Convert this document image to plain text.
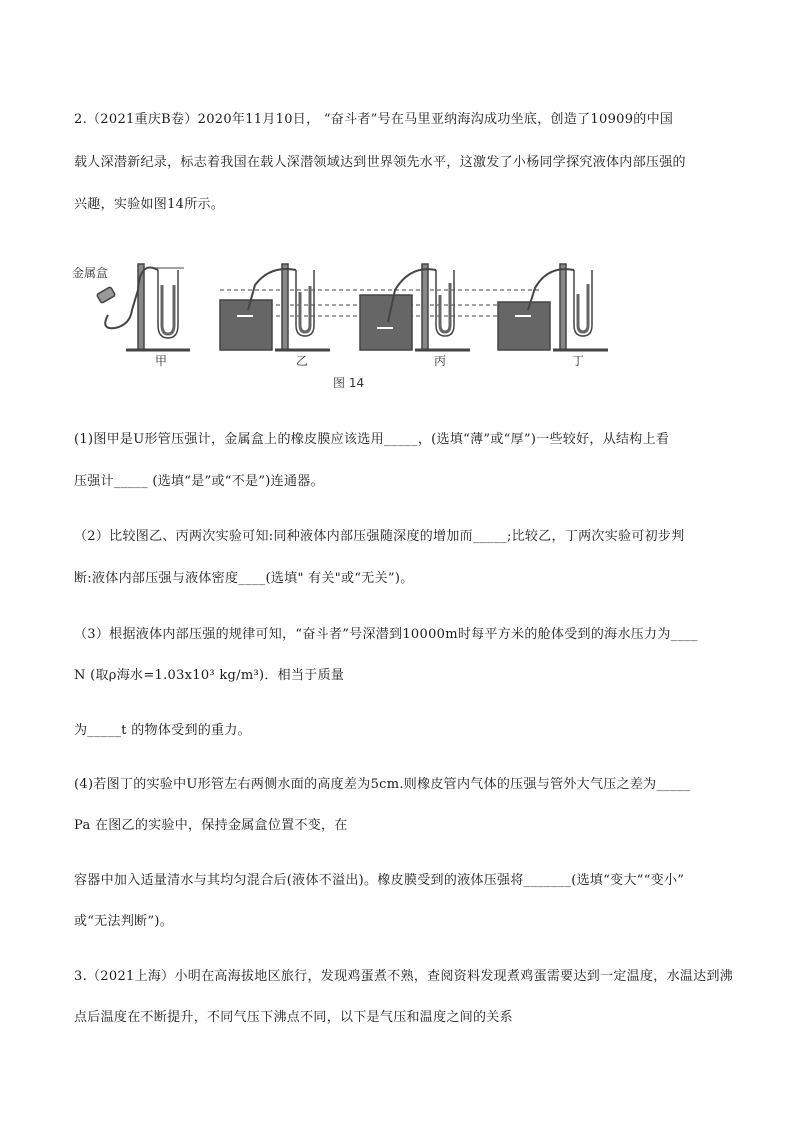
2.（2021重庆B卷）2020年11月10日， “奋斗者”号在马里亚纳海沟成功坐底，创造了10909的中国
载人深潜新纪录，标志着我国在载人深潜领域达到世界领先水平，这激发了小杨同学探究液体内部压强的
兴趣，实验如图14所示。
金属盒
甲	乙	丙	丁
图 14
(1)图甲是U形管压强计，金属盒上的橡皮膜应该选用_____，(选填“薄”或“厚”)一些较好，从结构上看
压强计_____ (选填“是”或“不是”)连通器。
（2）比较图乙、丙两次实验可知:同种液体内部压强随深度的增加而_____;比较乙，丁两次实验可初步判
断:液体内部压强与液体密度____(选填" 有关"或“无关”)。
（3）根据液体内部压强的规律可知，“奋斗者”号深潜到10000m时每平方米的舱体受到的海水压力为____
N (取ρ海水=1.03x10³ kg/m³)．相当于质量
为_____t 的物体受到的重力。
(4)若图丁的实验中U形管左右两侧水面的高度差为5cm.则橡皮管内气体的压强与管外大气压之差为_____
Pa 在图乙的实验中，保持金属盒位置不变，在
容器中加入适量清水与其均匀混合后(液体不溢出)。橡皮膜受到的液体压强将_______(选填“变大”“变小”
或“无法判断”)。
3.（2021上海）小明在高海拔地区旅行，发现鸡蛋煮不熟，查阅资料发现煮鸡蛋需要达到一定温度，水温达到沸
点后温度在不断提升，不同气压下沸点不同，以下是气压和温度之间的关系
